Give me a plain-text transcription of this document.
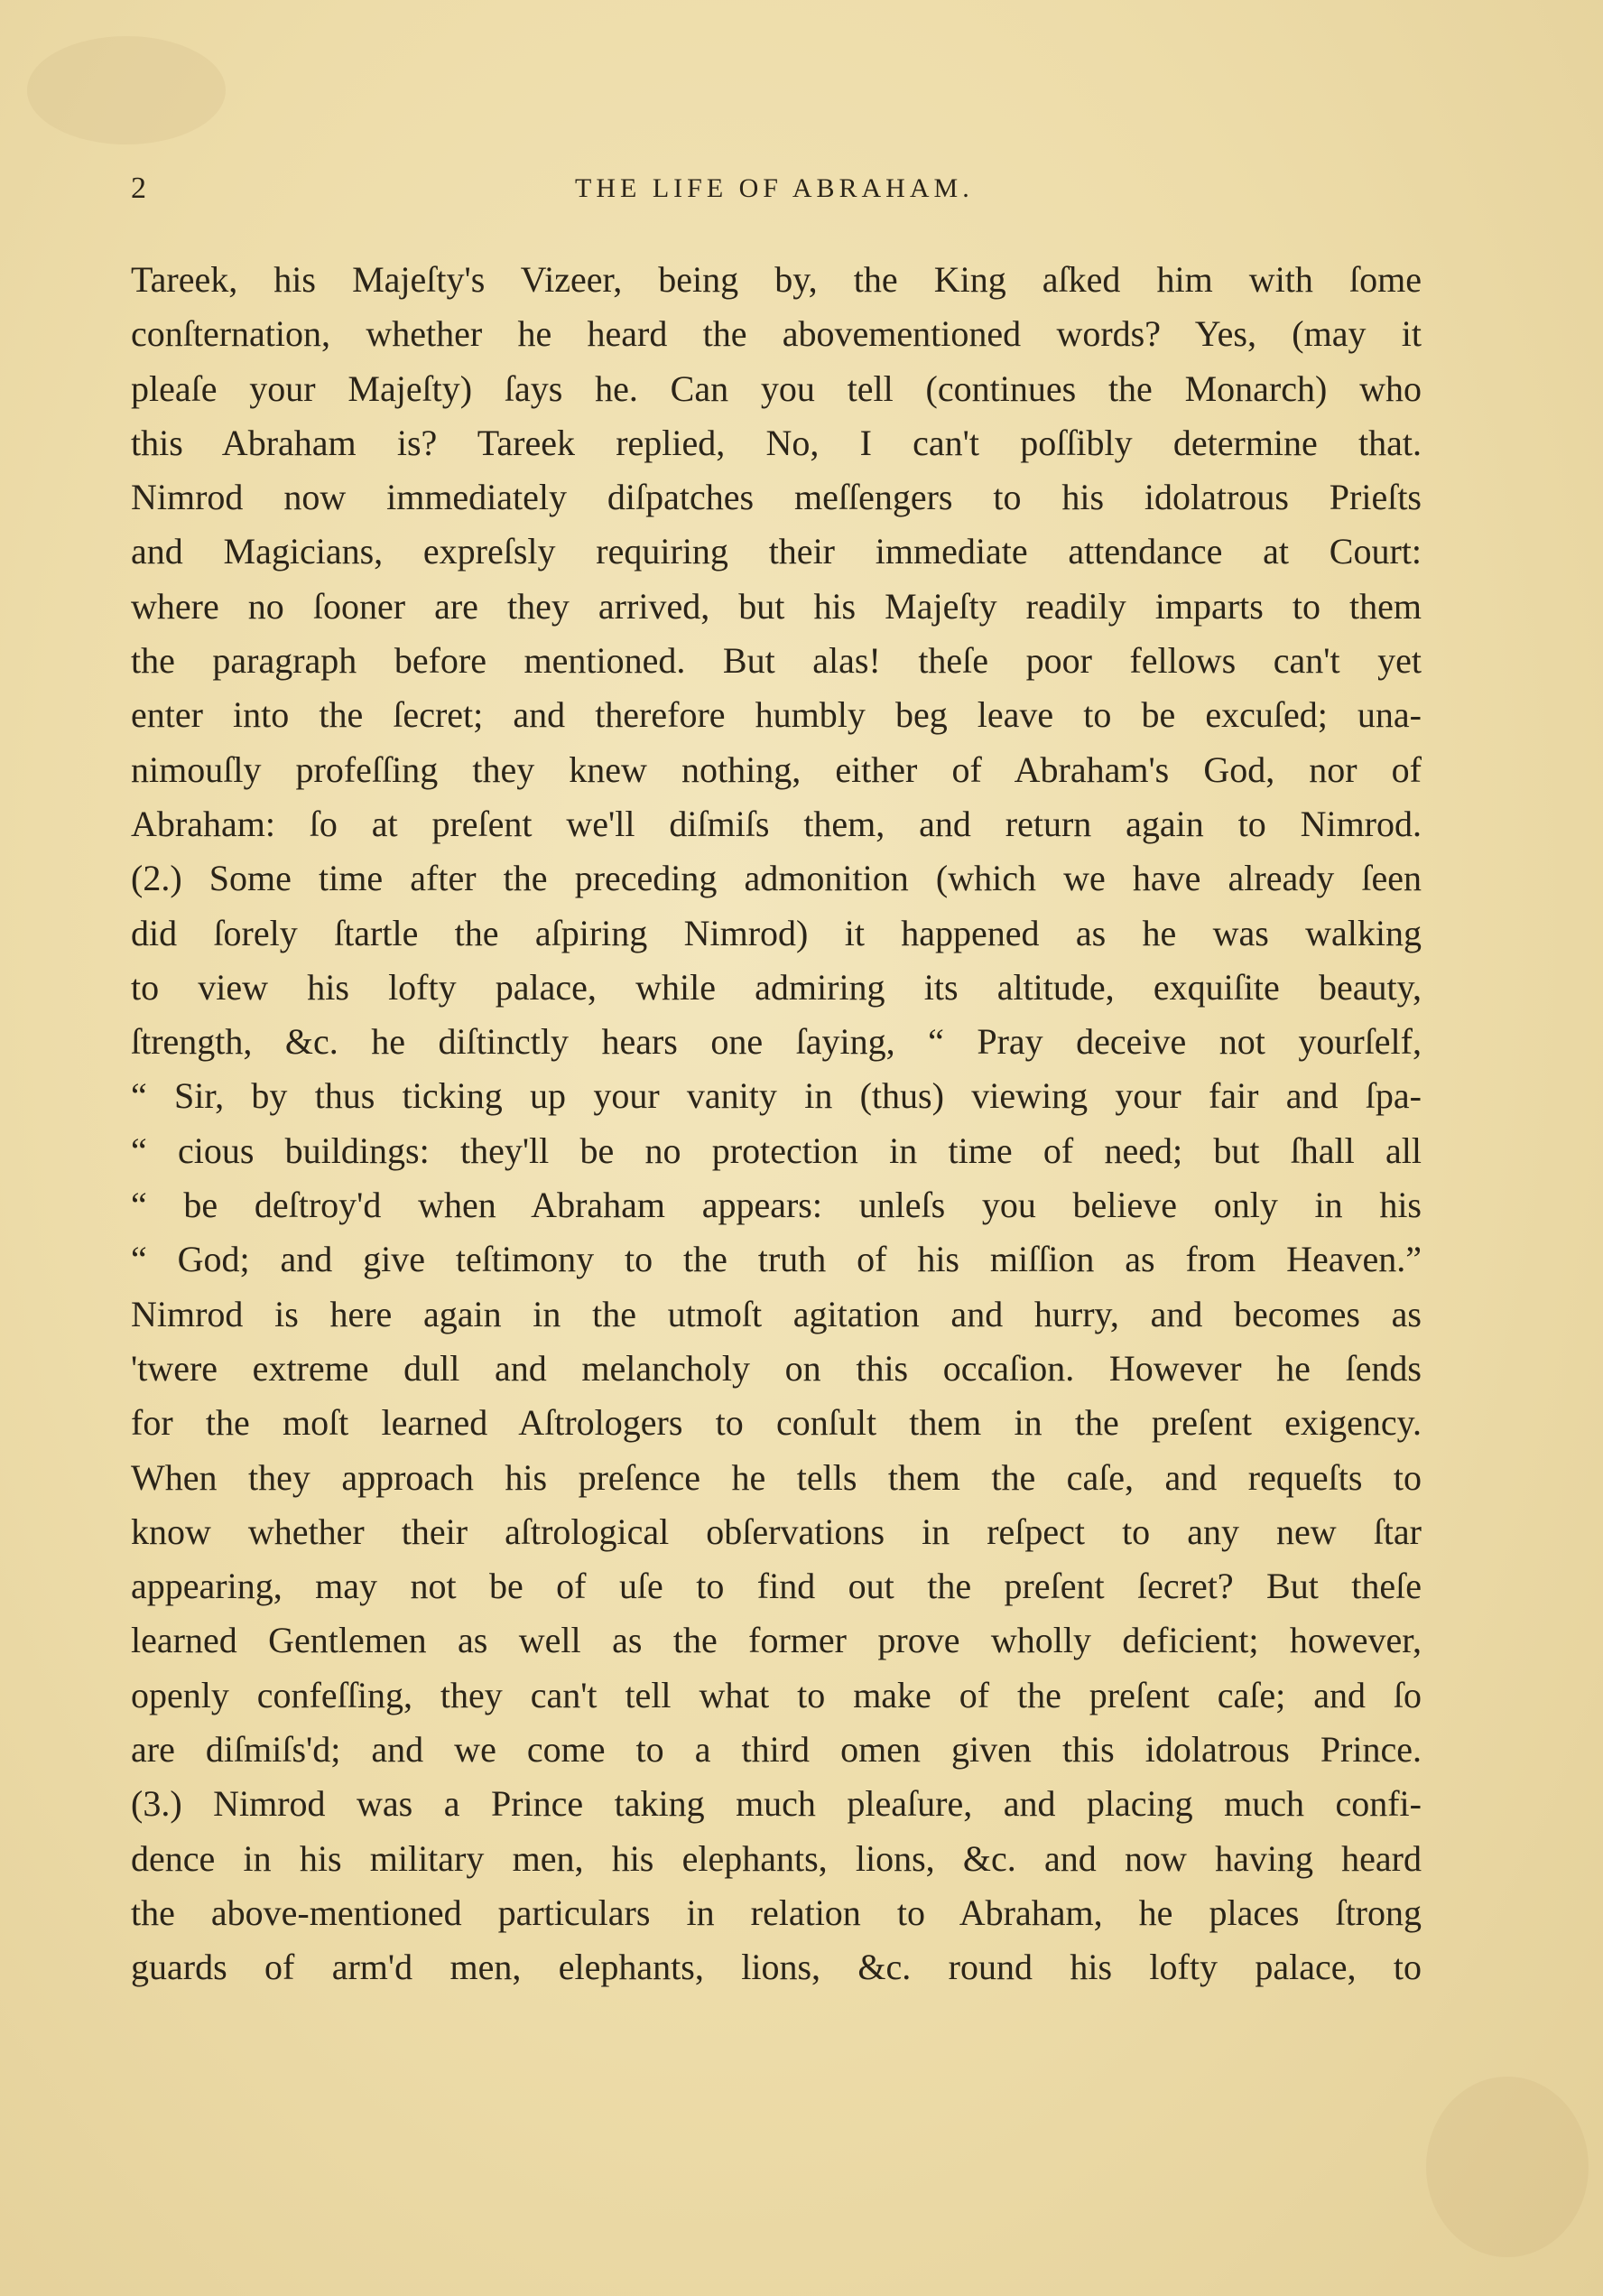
2	THE LIFE OF ABRAHAM.
Tareek, his Majeſty's Vizeer, being by, the King aſked him with ſome
conſternation, whether he heard the abovementioned words? Yes, (may it
pleaſe your Majeſty) ſays he. Can you tell (continues the Monarch) who
this Abraham is? Tareek replied, No, I can't poſſibly determine that.
Nimrod now immediately diſpatches meſſengers to his idolatrous Prieſts
and Magicians, expreſsly requiring their immediate attendance at Court:
where no ſooner are they arrived, but his Majeſty readily imparts to them
the paragraph before mentioned. But alas! theſe poor fellows can't yet
enter into the ſecret; and therefore humbly beg leave to be excuſed; una-
nimouſly profeſſing they knew nothing, either of Abraham's God, nor of
Abraham: ſo at preſent we'll diſmiſs them, and return again to Nimrod.
(2.) Some time after the preceding admonition (which we have already ſeen
did ſorely ſtartle the aſpiring Nimrod) it happened as he was walking
to view his lofty palace, while admiring its altitude, exquiſite beauty,
ſtrength, &c. he diſtinctly hears one ſaying, “ Pray deceive not yourſelf,
“ Sir, by thus ticking up your vanity in (thus) viewing your fair and ſpa-
“ cious buildings: they'll be no protection in time of need; but ſhall all
“ be deſtroy'd when Abraham appears: unleſs you believe only in his
“ God; and give teſtimony to the truth of his miſſion as from Heaven.”
Nimrod is here again in the utmoſt agitation and hurry, and becomes as
'twere extreme dull and melancholy on this occaſion. However he ſends
for the moſt learned Aſtrologers to conſult them in the preſent exigency.
When they approach his preſence he tells them the caſe, and requeſts to
know whether their aſtrological obſervations in reſpect to any new ſtar
appearing, may not be of uſe to find out the preſent ſecret? But theſe
learned Gentlemen as well as the former prove wholly deficient; however,
openly confeſſing, they can't tell what to make of the preſent caſe; and ſo
are diſmiſs'd; and we come to a third omen given this idolatrous Prince.
(3.) Nimrod was a Prince taking much pleaſure, and placing much confi-
dence in his military men, his elephants, lions, &c. and now having heard
the above-mentioned particulars in relation to Abraham, he places ſtrong
guards of arm'd men, elephants, lions, &c. round his lofty palace, to
